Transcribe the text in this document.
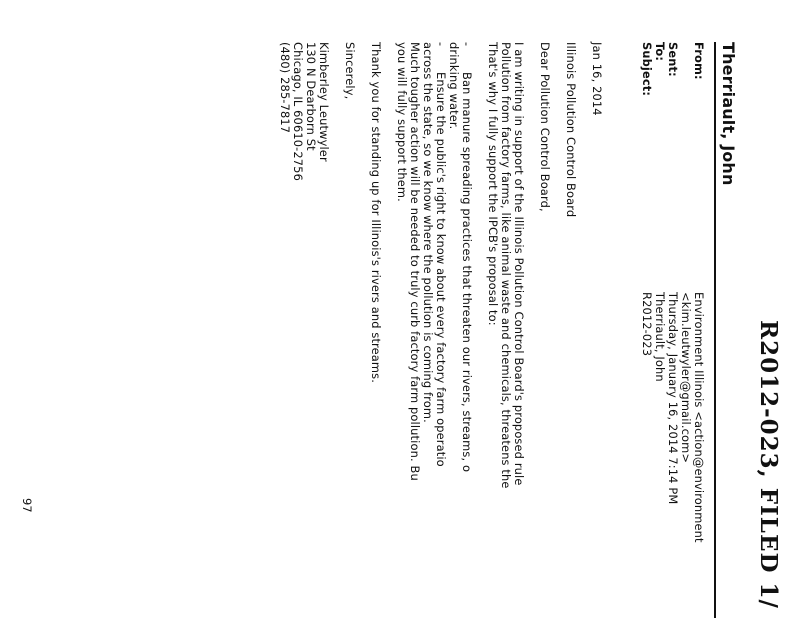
R2012-023, FILED 1/
Therriault, John
From:
Sent:
To:
Subject:
Environment Illinois <action@environment
<kim.leutwyler@gmail.com>
Thursday, January 16, 2014 7:14 PM
Therriault, John
R2012-023
Jan 16, 2014
Illinois Pollution Control Board
Dear Pollution Control Board,
I am writing in support of the Illinois Pollution Control Board's proposed rule
Pollution from factory farms, like animal waste and chemicals, threatens the
That's why I fully support the IPCB's proposal to:
-
Ban manure spreading practices that threaten our rivers, streams, o
drinking water.
-
Ensure the public's right to know about every factory farm operatio
across the state, so we know where the pollution is coming from.
Much tougher action will be needed to truly curb factory farm pollution. Bu
you will fully support them.
Thank you for standing up for Illinois's rivers and streams.
Sincerely,
Kimberley Leutwyler
130 N Dearborn St
Chicago, IL 60610-2756
(480) 285-7817
97
